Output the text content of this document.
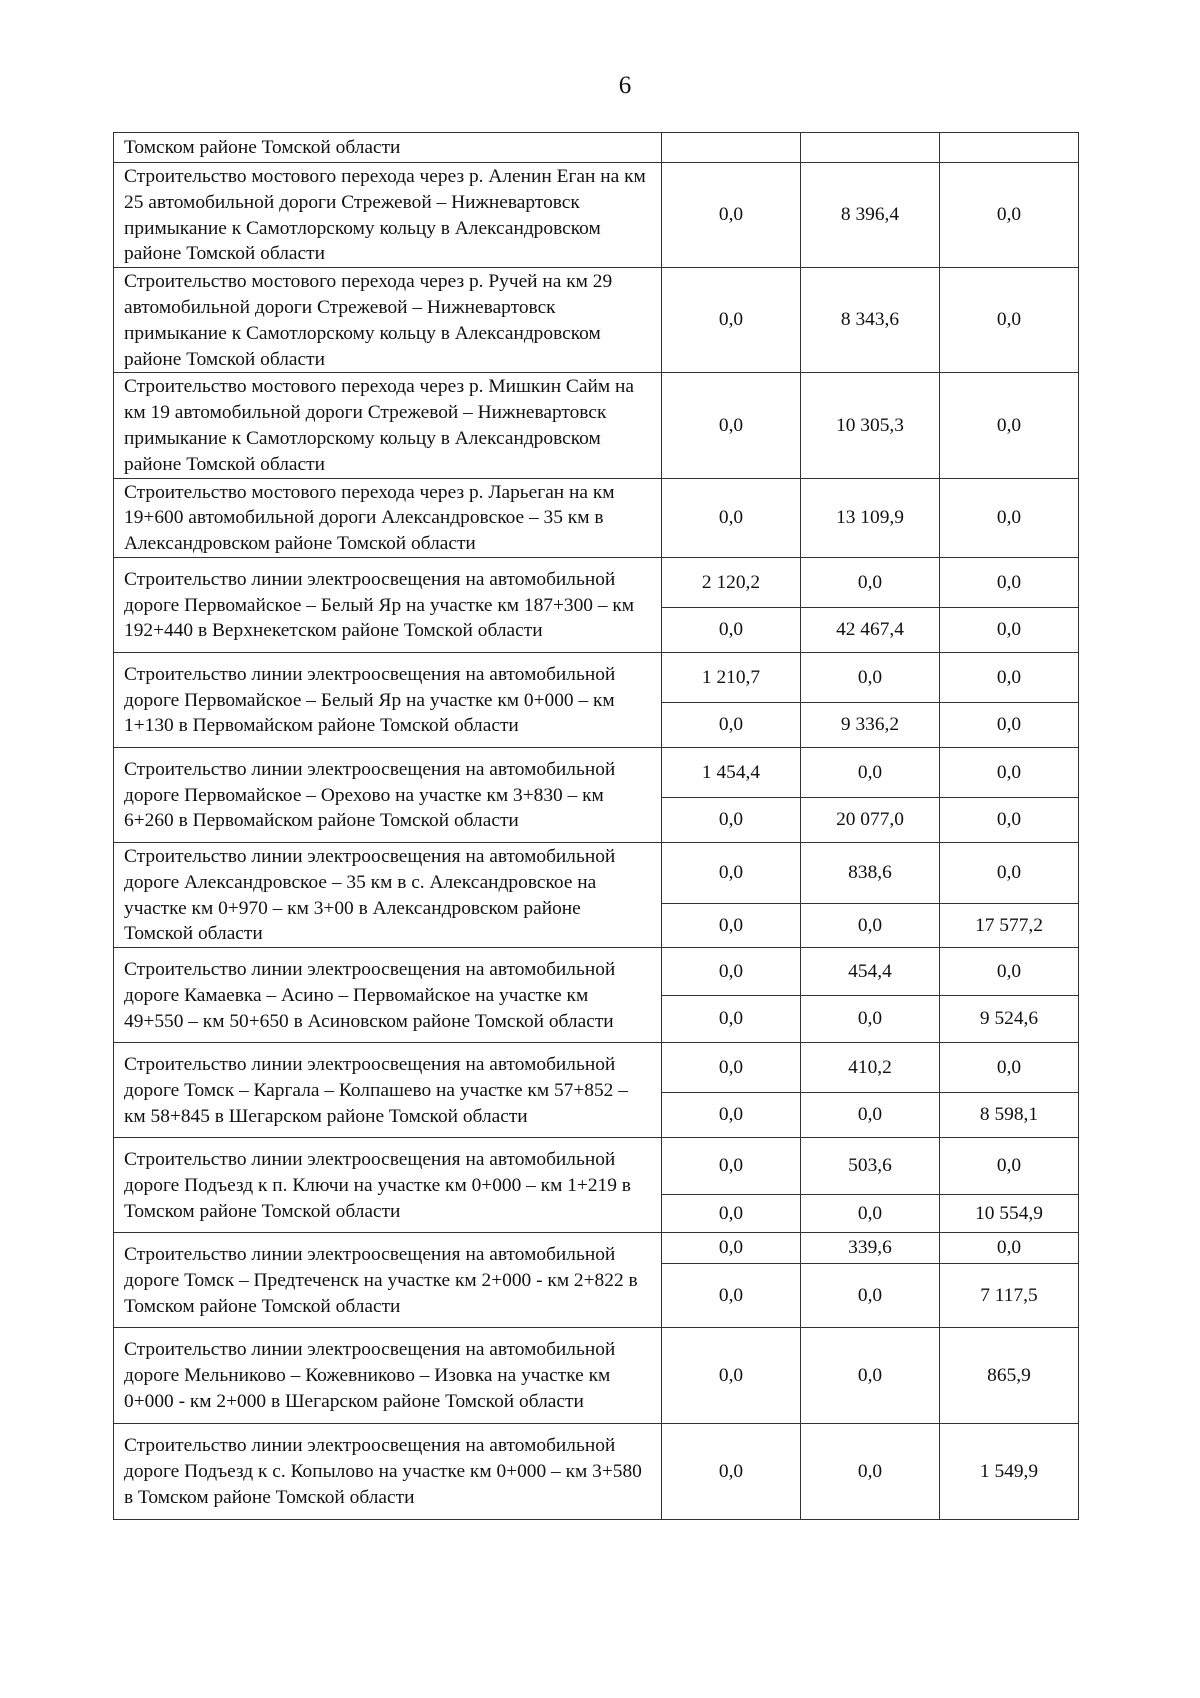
6
Томском районе Томской области			
Строительство мостового перехода через р. Аленин Еган на км 25 автомобильной дороги Стрежевой – Нижневартовск примыкание к Самотлорскому кольцу в Александровском районе Томской области	0,0	8 396,4	0,0
Строительство мостового перехода через р. Ручей на км 29 автомобильной дороги Стрежевой – Нижневартовск примыкание к Самотлорскому кольцу в Александровском районе Томской области	0,0	8 343,6	0,0
Строительство мостового перехода через р. Мишкин Сайм на км 19 автомобильной дороги Стрежевой – Нижневартовск примыкание к Самотлорскому кольцу в Александровском районе Томской области	0,0	10 305,3	0,0
Строительство мостового перехода через р. Ларьеган на км 19+600 автомобильной дороги Александровское – 35 км в Александровском районе Томской области	0,0	13 109,9	0,0
Строительство линии электроосвещения на автомобильной дороге Первомайское – Белый Яр на участке км 187+300 – км 192+440 в Верхнекетском районе Томской области	2 120,2	0,0	0,0
	0,0	42 467,4	0,0
Строительство линии электроосвещения на автомобильной дороге Первомайское – Белый Яр на участке км 0+000 – км 1+130 в Первомайском районе Томской области	1 210,7	0,0	0,0
	0,0	9 336,2	0,0
Строительство линии электроосвещения на автомобильной дороге Первомайское – Орехово на участке км 3+830 – км 6+260 в Первомайском районе Томской области	1 454,4	0,0	0,0
	0,0	20 077,0	0,0
Строительство линии электроосвещения на автомобильной дороге Александровское – 35 км в с. Александровское на участке км 0+970 – км 3+00 в Александровском районе Томской области	0,0	838,6	0,0
	0,0	0,0	17 577,2
Строительство линии электроосвещения на автомобильной дороге Камаевка – Асино – Первомайское на участке км 49+550 – км 50+650 в Асиновском районе Томской области	0,0	454,4	0,0
	0,0	0,0	9 524,6
Строительство линии электроосвещения на автомобильной дороге Томск – Каргала – Колпашево на участке км 57+852 – км 58+845 в Шегарском районе Томской области	0,0	410,2	0,0
	0,0	0,0	8 598,1
Строительство линии электроосвещения на автомобильной дороге Подъезд к п. Ключи на участке км 0+000 – км 1+219 в Томском районе Томской области	0,0	503,6	0,0
	0,0	0,0	10 554,9
Строительство линии электроосвещения на автомобильной дороге Томск – Предтеченск на участке км 2+000 - км 2+822 в Томском районе Томской области	0,0	339,6	0,0
	0,0	0,0	7 117,5
Строительство линии электроосвещения на автомобильной дороге Мельниково – Кожевниково – Изовка на участке км 0+000 - км 2+000 в Шегарском районе Томской области	0,0	0,0	865,9
Строительство линии электроосвещения на автомобильной дороге Подъезд к с. Копылово на участке км 0+000 – км 3+580 в Томском районе Томской области	0,0	0,0	1 549,9
